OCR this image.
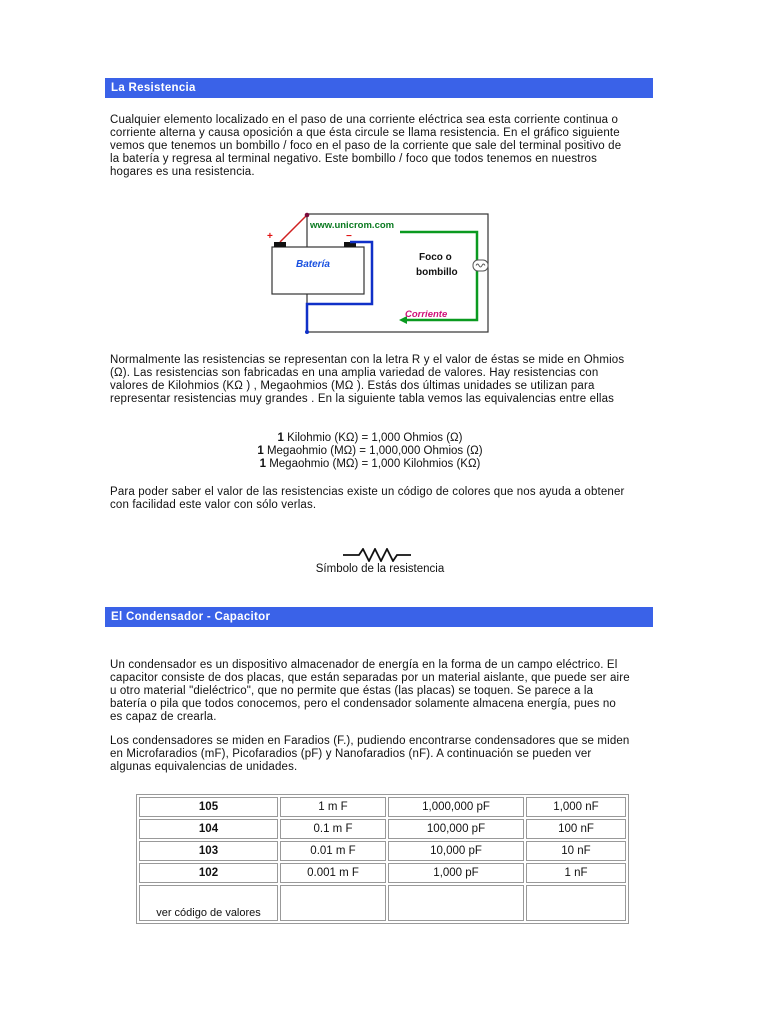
La Resistencia

Cualquier elemento localizado en el paso de una corriente eléctrica sea esta corriente continua o corriente alterna y causa oposición a que ésta circule se llama resistencia. En el gráfico siguiente vemos que tenemos un bombillo / foco en el paso de la corriente que sale del terminal positivo de la batería y regresa al terminal negativo. Este bombillo / foco que todos tenemos en nuestros hogares es una resistencia.

+	−
Batería
www.unicrom.com
Foco o
bombillo
Corriente

Normalmente las resistencias se representan con la letra R y el valor de éstas se mide en Ohmios (Ω). Las resistencias son fabricadas en una amplia variedad de valores. Hay resistencias con valores de Kilohmios (KΩ ) , Megaohmios (MΩ ). Estás dos últimas unidades se utilizan para representar resistencias muy grandes . En la siguiente tabla vemos las equivalencias entre ellas

1 Kilohmio (KΩ) = 1,000 Ohmios (Ω)
1 Megaohmio (MΩ) = 1,000,000 Ohmios (Ω)
1 Megaohmio (MΩ) = 1,000 Kilohmios (KΩ)

Para poder saber el valor de las resistencias existe un código de colores que nos ayuda a obtener con facilidad este valor con sólo verlas.

Símbolo de la resistencia
El Condensador - Capacitor

Un condensador es un dispositivo almacenador de energía en la forma de un campo eléctrico. El capacitor consiste de dos placas, que están separadas por un material aislante, que puede ser aire u otro material "dieléctrico", que no permite que éstas (las placas) se toquen. Se parece a la batería o pila que todos conocemos, pero el condensador solamente almacena energía, pues no es capaz de crearla.

Los condensadores se miden en Faradios (F.), pudiendo encontrarse condensadores que se miden en Microfaradios (mF), Picofaradios (pF) y Nanofaradios (nF). A continuación se pueden ver algunas equivalencias de unidades.

105	1 m F	1,000,000 pF	1,000 nF
104	0.1 m F	100,000 pF	100 nF
103	0.01 m F	10,000 pF	10 nF
102	0.001 m F	1,000 pF	1 nF
ver código de valores			
